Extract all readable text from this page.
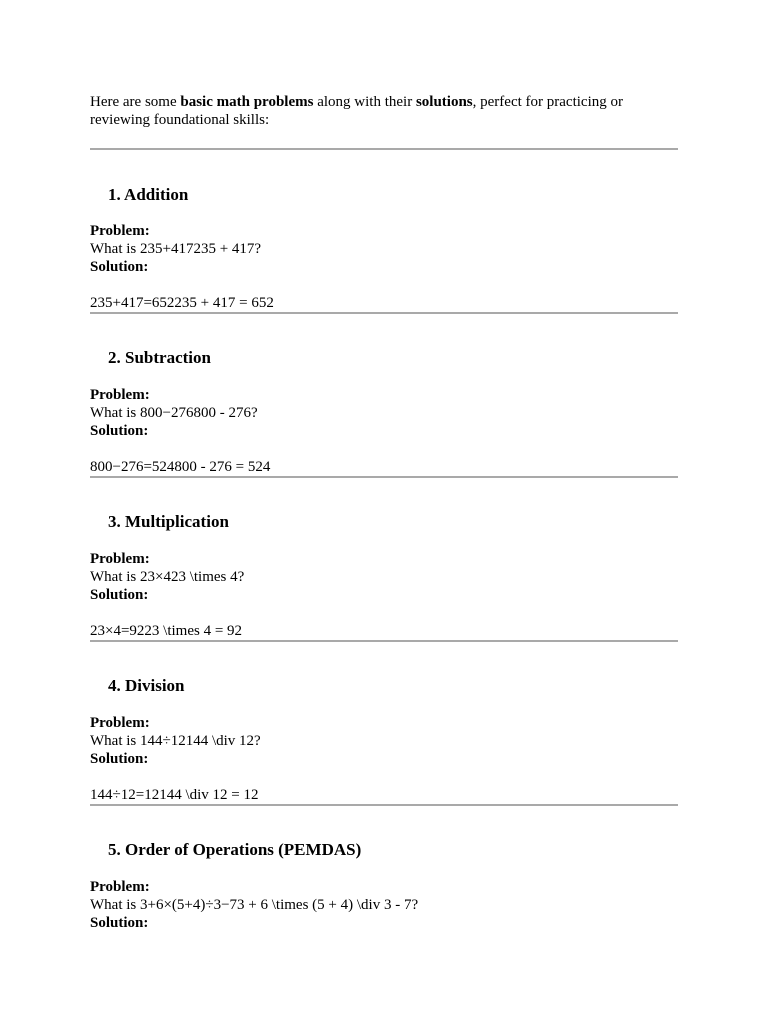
Here are some basic math problems along with their solutions, perfect for practicing or reviewing foundational skills:

1. Addition
Problem:
What is 235+417235 + 417?
Solution:
235+417=652235 + 417 = 652
2. Subtraction
Problem:
What is 800−276800 - 276?
Solution:
800−276=524800 - 276 = 524
3. Multiplication
Problem:
What is 23×423 \times 4?
Solution:
23×4=9223 \times 4 = 92
4. Division
Problem:
What is 144÷12144 \div 12?
Solution:
144÷12=12144 \div 12 = 12
5. Order of Operations (PEMDAS)
Problem:
What is 3+6×(5+4)÷3−73 + 6 \times (5 + 4) \div 3 - 7?
Solution:
